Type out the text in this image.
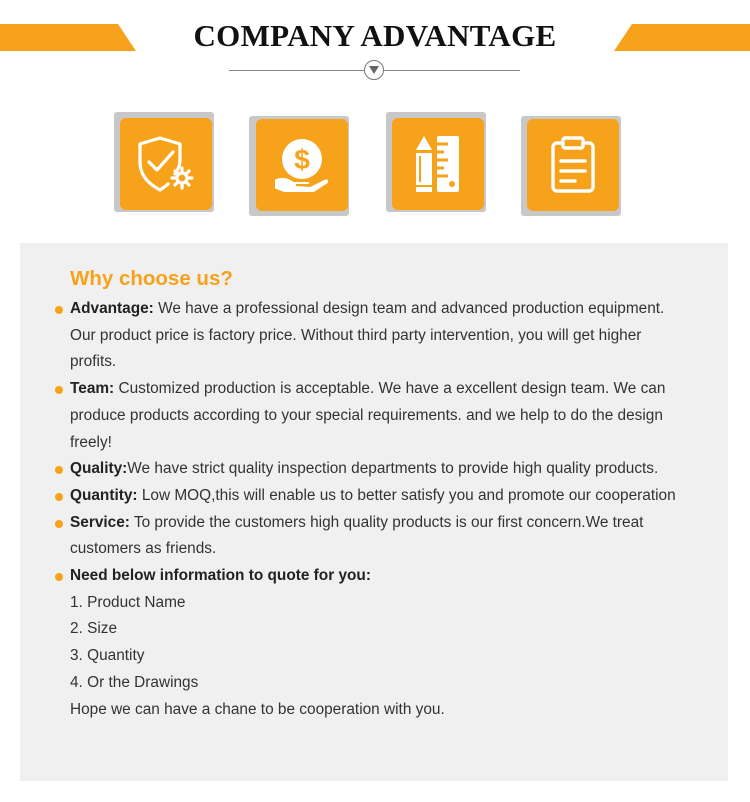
COMPANY ADVANTAGE
$
Why choose us?
Advantage: We have a professional design team and advanced production equipment. Our product price is factory price. Without third party intervention, you will get higher profits.
Team: Customized production is acceptable. We have a excellent design team. We can produce products according to your special requirements. and we help to do the design freely!
Quality:We have strict quality inspection departments to provide high quality products.
Quantity: Low MOQ,this will enable us to better satisfy you and promote our cooperation
Service: To provide the customers high quality products is our first concern.We treat customers as friends.
Need below information to quote for you:
1. Product Name
2. Size
3. Quantity
4. Or the Drawings
Hope we can have a chane to be cooperation with you.
